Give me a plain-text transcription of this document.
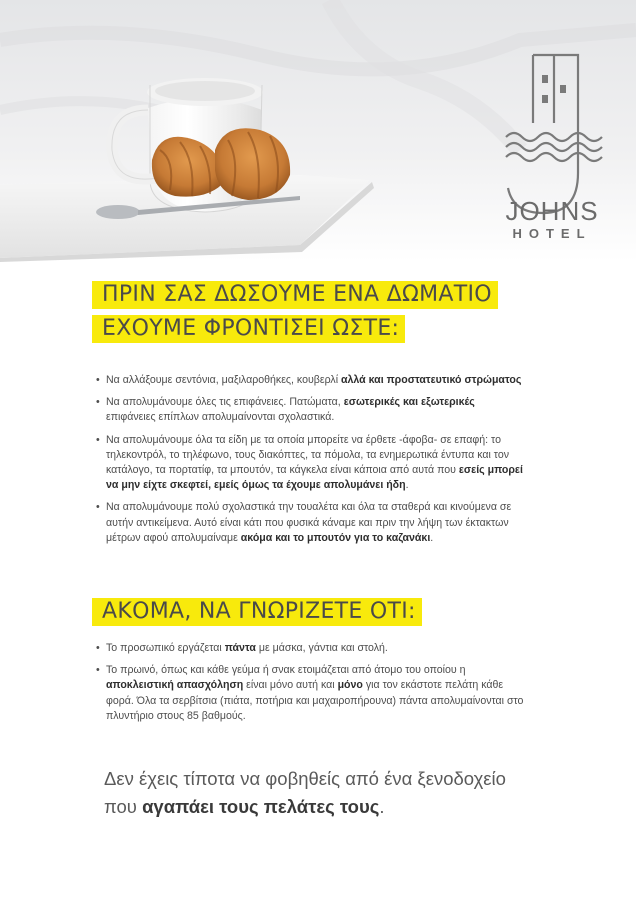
JOHNS
HOTEL
ΠΡΙΝ ΣΑΣ ΔΩΣΟΥΜΕ ΕΝΑ ΔΩΜΑΤΙΟ
ΕΧΟΥΜΕ ΦΡΟΝΤΙΣΕΙ ΩΣΤΕ:
• Να αλλάξουμε σεντόνια, μαξιλαροθήκες, κουβερλί αλλά και προστατευτικό στρώματος
• Να απολυμάνουμε όλες τις επιφάνειες. Πατώματα, εσωτερικές και εξωτερικές επιφάνειες επίπλων απολυμαίνονται σχολαστικά.
• Να απολυμάνουμε όλα τα είδη με τα οποία μπορείτε να έρθετε -άφοβα- σε επαφή: το τηλεκοντρόλ, το τηλέφωνο, τους διακόπτες, τα πόμολα, τα ενημερωτικά έντυπα και τον κατάλογο, τα πορτατίφ, τα μπουτόν, τα κάγκελα είναι κάποια από αυτά που εσείς μπορεί να μην είχτε σκεφτεί, εμείς όμως τα έχουμε απολυμάνει ήδη.
• Να απολυμάνουμε πολύ σχολαστικά την τουαλέτα και όλα τα σταθερά και κινούμενα σε αυτήν αντικείμενα. Αυτό είναι κάτι που φυσικά κάναμε και πριν την λήψη των έκτακτων μέτρων αφού απολυμαίναμε ακόμα και το μπουτόν για το καζανάκι.
ΑΚΟΜΑ, ΝΑ ΓΝΩΡΙΖΕΤΕ ΟΤΙ:
• Το προσωπικό εργάζεται πάντα με μάσκα, γάντια και στολή.
• Το πρωινό, όπως και κάθε γεύμα ή σνακ ετοιμάζεται από άτομο του οποίου η αποκλειστική απασχόληση είναι μόνο αυτή και μόνο για τον εκάστοτε πελάτη κάθε φορά. Όλα τα σερβίτσια (πιάτα, ποτήρια και μαχαιροπήρουνα) πάντα απολυμαίνονται στο πλυντήριο στους 85 βαθμούς.
Δεν έχεις τίποτα να φοβηθείς από ένα ξενοδοχείο
που αγαπάει τους πελάτες τους.
